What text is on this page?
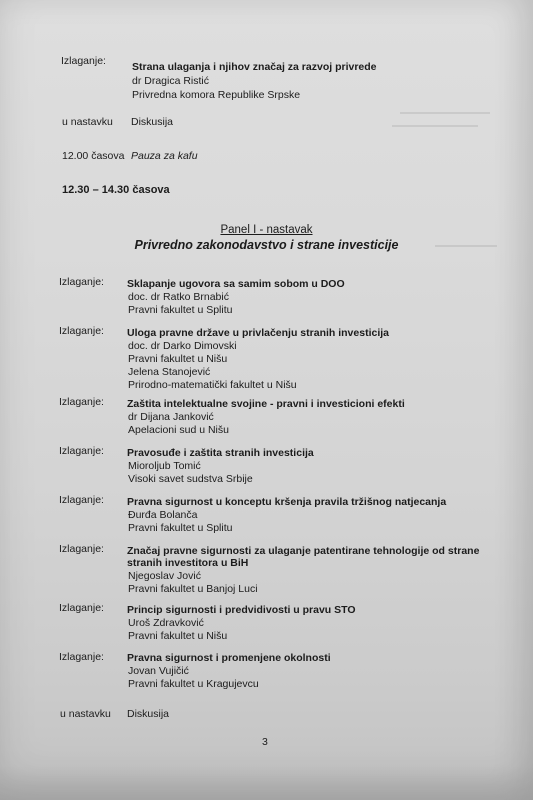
Izlaganje: Strana ulaganja i njihov značaj za razvoj privrede
dr Dragica Ristić
Privredna komora Republike Srpske
u nastavku Diskusija
12.00 časova Pauza za kafu
12.30 – 14.30 časova
Panel I - nastavak
Privredno zakonodavstvo i strane investicije
Izlaganje: Sklapanje ugovora sa samim sobom u DOO
doc. dr Ratko Brnabić
Pravni fakultet u Splitu
Izlaganje: Uloga pravne države u privlačenju stranih investicija
doc. dr Darko Dimovski
Pravni fakultet u Nišu
Jelena Stanojević
Prirodno-matematički fakultet u Nišu
Izlaganje: Zaštita intelektualne svojine - pravni i investicioni efekti
dr Dijana Janković
Apelacioni sud u Nišu
Izlaganje: Pravosuđe i zaštita stranih investicija
Mioroljub Tomić
Visoki savet sudstva Srbije
Izlaganje: Pravna sigurnost u konceptu kršenja pravila tržišnog natjecanja
Đurđa Bolanča
Pravni fakultet u Splitu
Izlaganje: Značaj pravne sigurnosti za ulaganje patentirane tehnologije od strane
stranih investitora u BiH
Njegoslav Jović
Pravni fakultet u Banjoj Luci
Izlaganje: Princip sigurnosti i predvidivosti u pravu STO
Uroš Zdravković
Pravni fakultet u Nišu
Izlaganje: Pravna sigurnost i promenjene okolnosti
Jovan Vujičić
Pravni fakultet u Kragujevcu
u nastavku Diskusija
3
